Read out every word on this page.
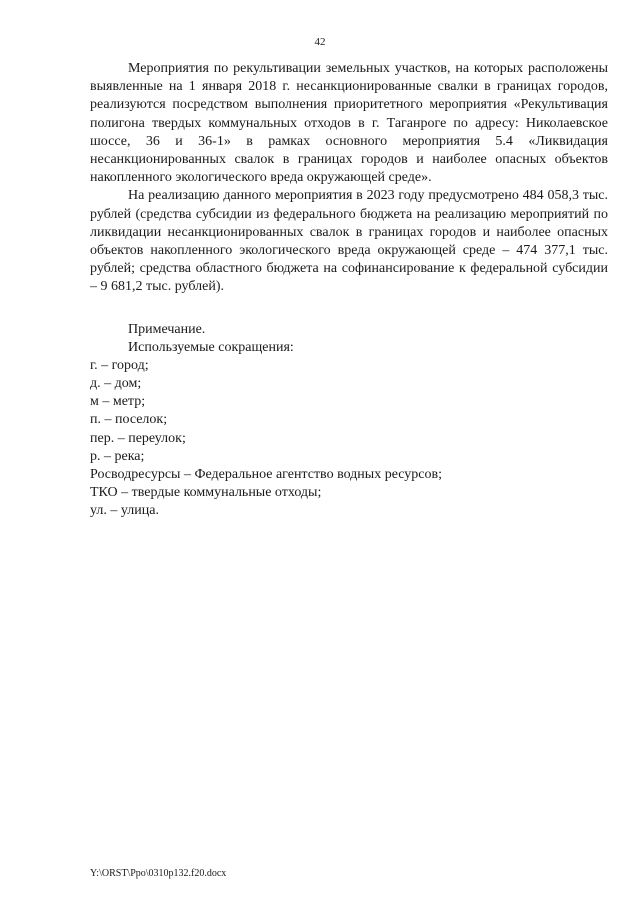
42

Мероприятия по рекультивации земельных участков, на которых расположены выявленные на 1 января 2018 г. несанкционированные свалки в границах городов, реализуются посредством выполнения приоритетного мероприятия «Рекультивация полигона твердых коммунальных отходов в г. Таганроге по адресу: Николаевское шоссе, 36 и 36-1» в рамках основного мероприятия 5.4 «Ликвидация несанкционированных свалок в границах городов и наиболее опасных объектов накопленного экологического вреда окружающей среде».

На реализацию данного мероприятия в 2023 году предусмотрено 484 058,3 тыс. рублей (средства субсидии из федерального бюджета на реализацию мероприятий по ликвидации несанкционированных свалок в границах городов и наиболее опасных объектов накопленного экологического вреда окружающей среде – 474 377,1 тыс. рублей; средства областного бюджета на софинансирование к федеральной субсидии – 9 681,2 тыс. рублей).

Примечание.
Используемые сокращения:
г. – город;
д. – дом;
м – метр;
п. – поселок;
пер. – переулок;
р. – река;
Росводресурсы – Федеральное агентство водных ресурсов;
ТКО – твердые коммунальные отходы;
ул. – улица.
Y:\ORST\Ppo\0310p132.f20.docx
